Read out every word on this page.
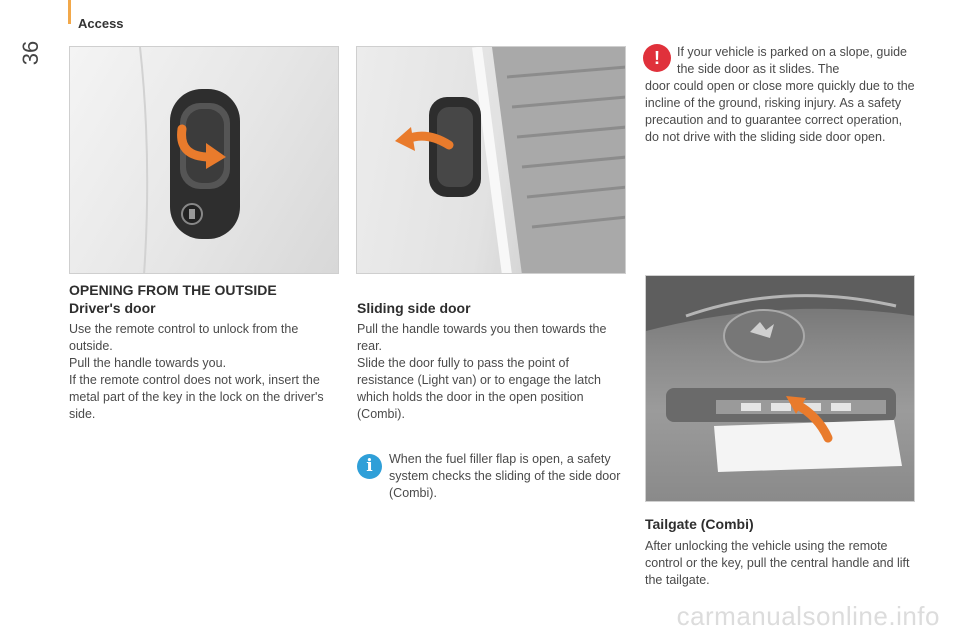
36
Access
OPENING FROM THE OUTSIDE
Driver's door
Use the remote control to unlock from the outside.
Pull the handle towards you.
If the remote control does not work, insert the metal part of the key in the lock on the driver's side.
Sliding side door
Pull the handle towards you then towards the rear.
Slide the door fully to pass the point of resistance (Light van) or to engage the latch which holds the door in the open position (Combi).
i	When the fuel filler flap is open, a safety system checks the sliding of the side door (Combi).
!	If your vehicle is parked on a slope, guide the side door as it slides. The
door could open or close more quickly due to the incline of the ground, risking injury. As a safety precaution and to guarantee correct operation, do not drive with the sliding side door open.
Tailgate (Combi)
After unlocking the vehicle using the remote control or the key, pull the central handle and lift the tailgate.
carmanualsonline.info
